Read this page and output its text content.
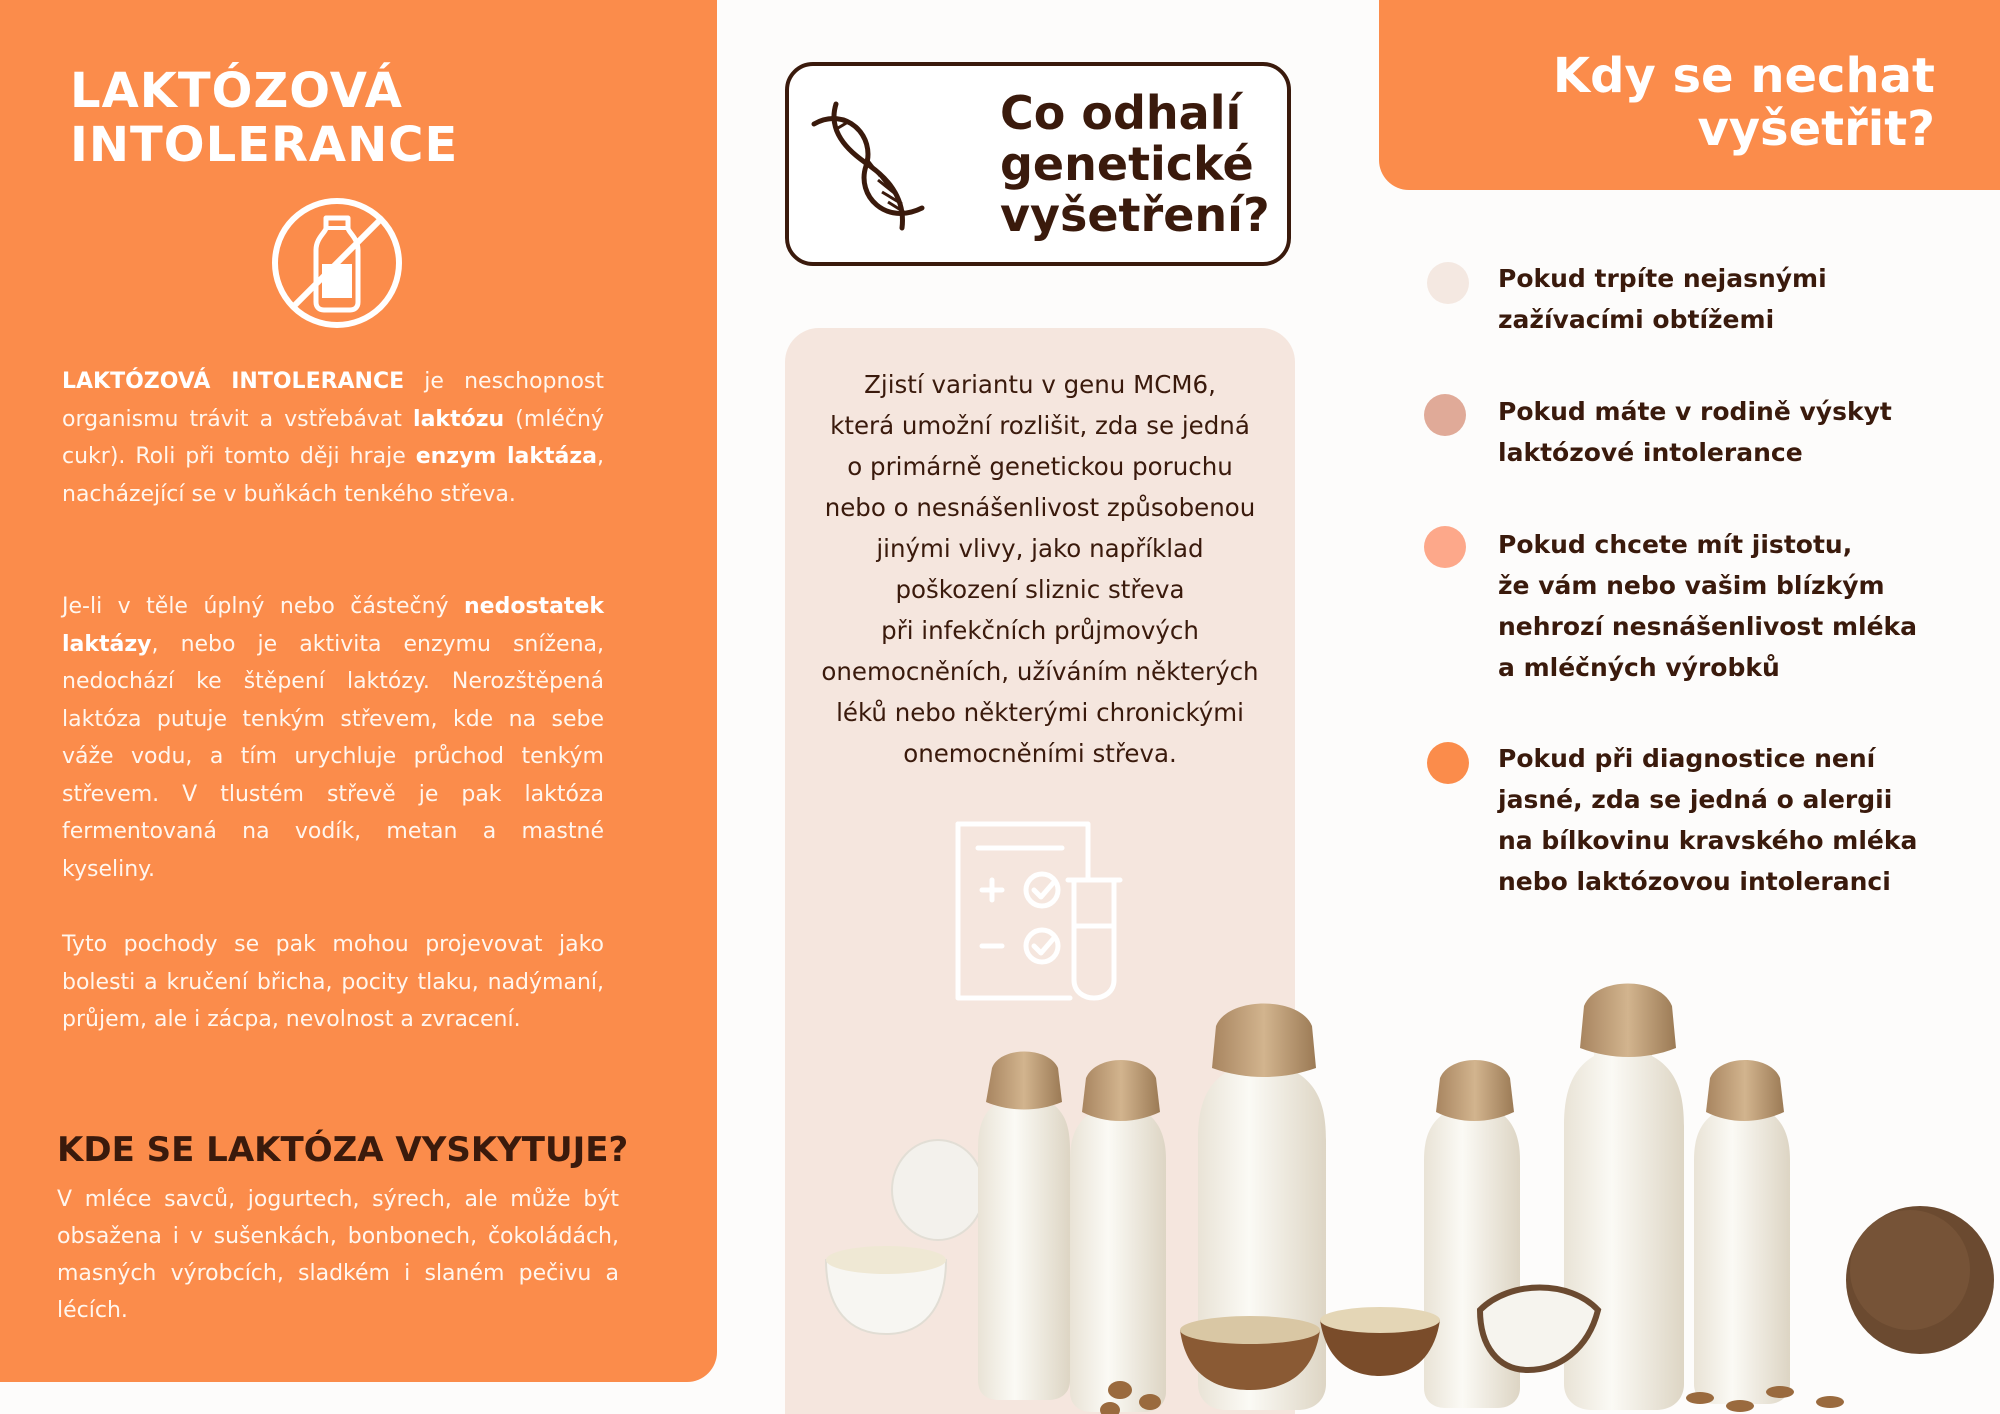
LAKTÓZOVÁ
INTOLERANCE
LAKTÓZOVÁ INTOLERANCE je neschopnost organismu trávit a vstřebávat laktózu (mléčný cukr). Roli při tomto ději hraje enzym laktáza, nacházející se v buňkách tenkého střeva.
Je-li v těle úplný nebo částečný nedostatek laktázy, nebo je aktivita enzymu snížena, nedochází ke štěpení laktózy. Nerozštěpená laktóza putuje tenkým střevem, kde na sebe váže vodu, a tím urychluje průchod tenkým střevem. V tlustém střevě je pak laktóza fermentovaná na vodík, metan a mastné kyseliny.
Tyto pochody se pak mohou projevovat jako bolesti a kručení břicha, pocity tlaku, nadýmaní, průjem, ale i zácpa, nevolnost a zvracení.
KDE SE LAKTÓZA VYSKYTUJE?
V mléce savců, jogurtech, sýrech, ale může být obsažena i v sušenkách, bonbonech, čokoládách, masných výrobcích, sladkém i slaném pečivu a lécích.
Co odhalí
genetické
vyšetření?
Zjistí variantu v genu MCM6,
která umožní rozlišit, zda se jedná
o primárně genetickou poruchu
nebo o nesnášenlivost způsobenou
jinými vlivy, jako například
poškození sliznic střeva
při infekčních průjmových
onemocněních, užíváním některých
léků nebo některými chronickými
onemocněními střeva.
Kdy se nechat
vyšetřit?
Pokud trpíte nejasnými
zažívacími obtížemi
Pokud máte v rodině výskyt
laktózové intolerance
Pokud chcete mít jistotu,
že vám nebo vašim blízkým
nehrozí nesnášenlivost mléka
a mléčných výrobků
Pokud při diagnostice není
jasné, zda se jedná o alergii
na bílkovinu kravského mléka
nebo laktózovou intoleranci
